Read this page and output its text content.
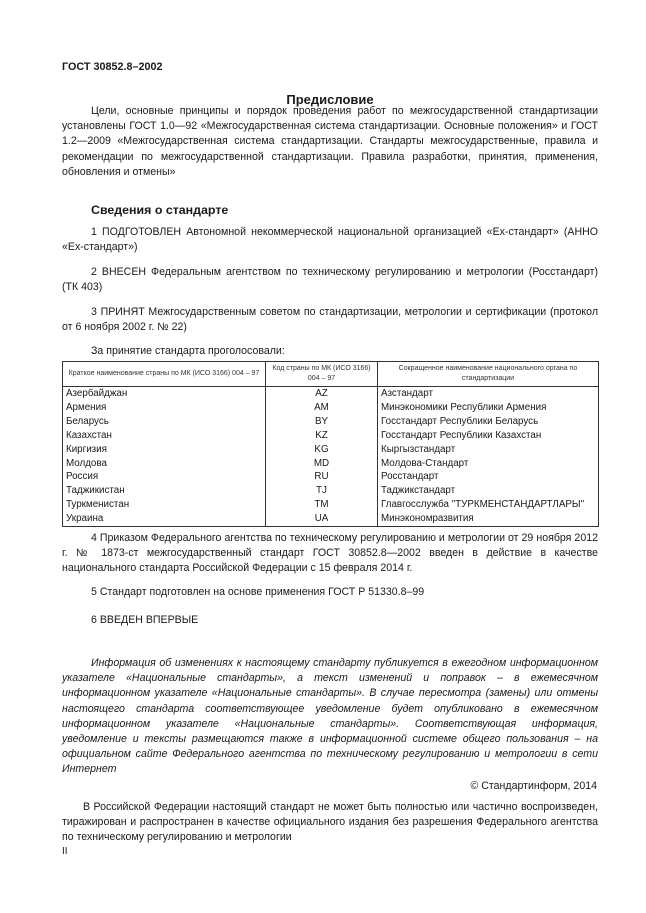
ГОСТ 30852.8–2002
Предисловие
Цели, основные принципы и порядок проведения работ по межгосударственной стандартизации установлены ГОСТ 1.0—92 «Межгосударственная система стандартизации. Основные положения» и ГОСТ 1.2—2009 «Межгосударственная система стандартизации. Стандарты межгосударственные, правила и рекомендации по межгосударственной стандартизации. Правила разработки, принятия, применения, обновления и отмены»
Сведения о стандарте
1 ПОДГОТОВЛЕН Автономной некоммерческой национальной организацией «Ех-стандарт» (АННО «Ех-стандарт»)
2 ВНЕСЕН Федеральным агентством по техническому регулированию и метрологии (Росстандарт) (ТК 403)
3 ПРИНЯТ Межгосударственным советом по стандартизации, метрологии и сертификации (протокол от 6 ноября 2002 г. № 22)
За принятие стандарта проголосовали:
Краткое наименование страны по МК (ИСО 3166) 004 – 97	Код страны по МК (ИСО 3166) 004 – 97	Сокращенное наименование национального органа по стандартизации
Азербайджан	AZ	Азстандарт
Армения	AM	Минэкономики Республики Армения
Беларусь	BY	Госстандарт Республики Беларусь
Казахстан	KZ	Госстандарт Республики Казахстан
Киргизия	KG	Кыргызстандарт
Молдова	MD	Молдова-Стандарт
Россия	RU	Росстандарт
Таджикистан	TJ	Таджикстандарт
Туркменистан	TM	Главгосслужба "ТУРКМЕНСТАНДАРТЛАРЫ"
Украина	UA	Минэкономразвития
4 Приказом Федерального агентства по техническому регулированию и метрологии от 29 ноября 2012 г. № 1873-ст межгосударственный стандарт ГОСТ 30852.8—2002 введен в действие в качестве национального стандарта Российской Федерации с 15 февраля 2014 г.
5 Стандарт подготовлен на основе применения ГОСТ Р 51330.8–99
6 ВВЕДЕН ВПЕРВЫЕ
Информация об изменениях к настоящему стандарту публикуется в ежегодном информационном указателе «Национальные стандарты», а текст изменений и поправок – в ежемесячном информационном указателе «Национальные стандарты». В случае пересмотра (замены) или отмены настоящего стандарта соответствующее уведомление будет опубликовано в ежемесячном информационном указателе «Национальные стандарты». Соответствующая информация, уведомление и тексты размещаются также в информационной системе общего пользования – на официальном сайте Федерального агентства по техническому регулированию и метрологии в сети Интернет
© Стандартинформ, 2014
В Российской Федерации настоящий стандарт не может быть полностью или частично воспроизведен, тиражирован и распространен в качестве официального издания без разрешения Федерального агентства по техническому регулированию и метрологии
II
